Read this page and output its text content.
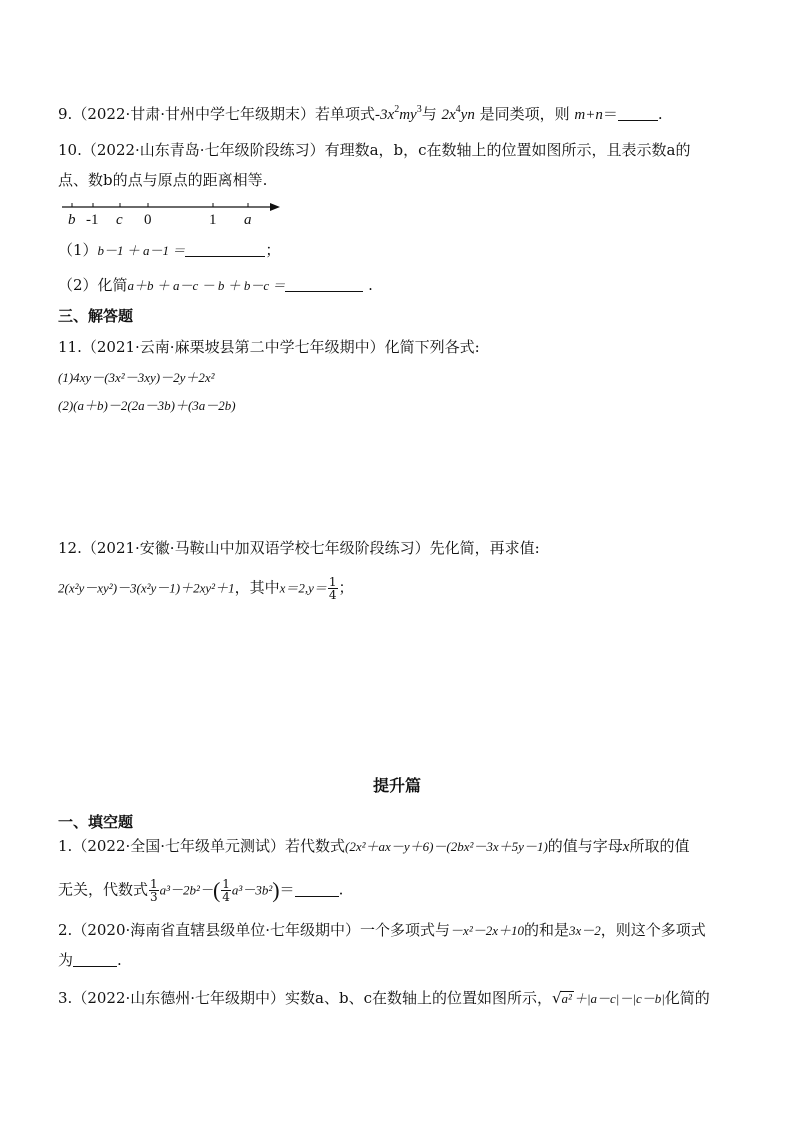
9.（2022·甘肃·甘州中学七年级期末）若单项式$-3x^2my^3$与 $2x^4yn$ 是同类项，则 m+n＝	.
10.（2022·山东青岛·七年级阶段练习）有理数a，b，c在数轴上的位置如图所示，且表示数a的
点、数b的点与原点的距离相等.
b -1 c 0	1 a
（1）b－1 ＋ a－1 ＝	；
（2）化简a＋b ＋ a－c － b ＋ b－c ＝	.
三、解答题
11.（2021·云南·麻栗坡县第二中学七年级期中）化简下列各式:
(1)4xy－(3x²－3xy)－2y＋2x²
(2)(a＋b)－2(2a－3b)＋(3a－2b)
12.（2021·安徽·马鞍山中加双语学校七年级阶段练习）先化简，再求值:
2(x²y－xy²)－3(x²y－1)＋2xy²＋1，其中$x=2,y= \frac{1}{4}$ ；
提升篇
一、填空题
1.（2022·全国·七年级单元测试）若代数式(2x²＋ax－y＋6)－(2bx²－3x＋5y－1)的值与字母x所取的值
无关，代数式 $\frac{1}{3} a^3-2b^2-( \frac{1}{4} a^3-3b^2)=$	.
2.（2020·海南省直辖县级单位·七年级期中）一个多项式与－x²－2x＋10的和是3x－2，则这个多项式
为	.
3.（2022·山东德州·七年级期中）实数a、b、c在数轴上的位置如图所示，√a² ＋|a－c|－|c－b|化简的
